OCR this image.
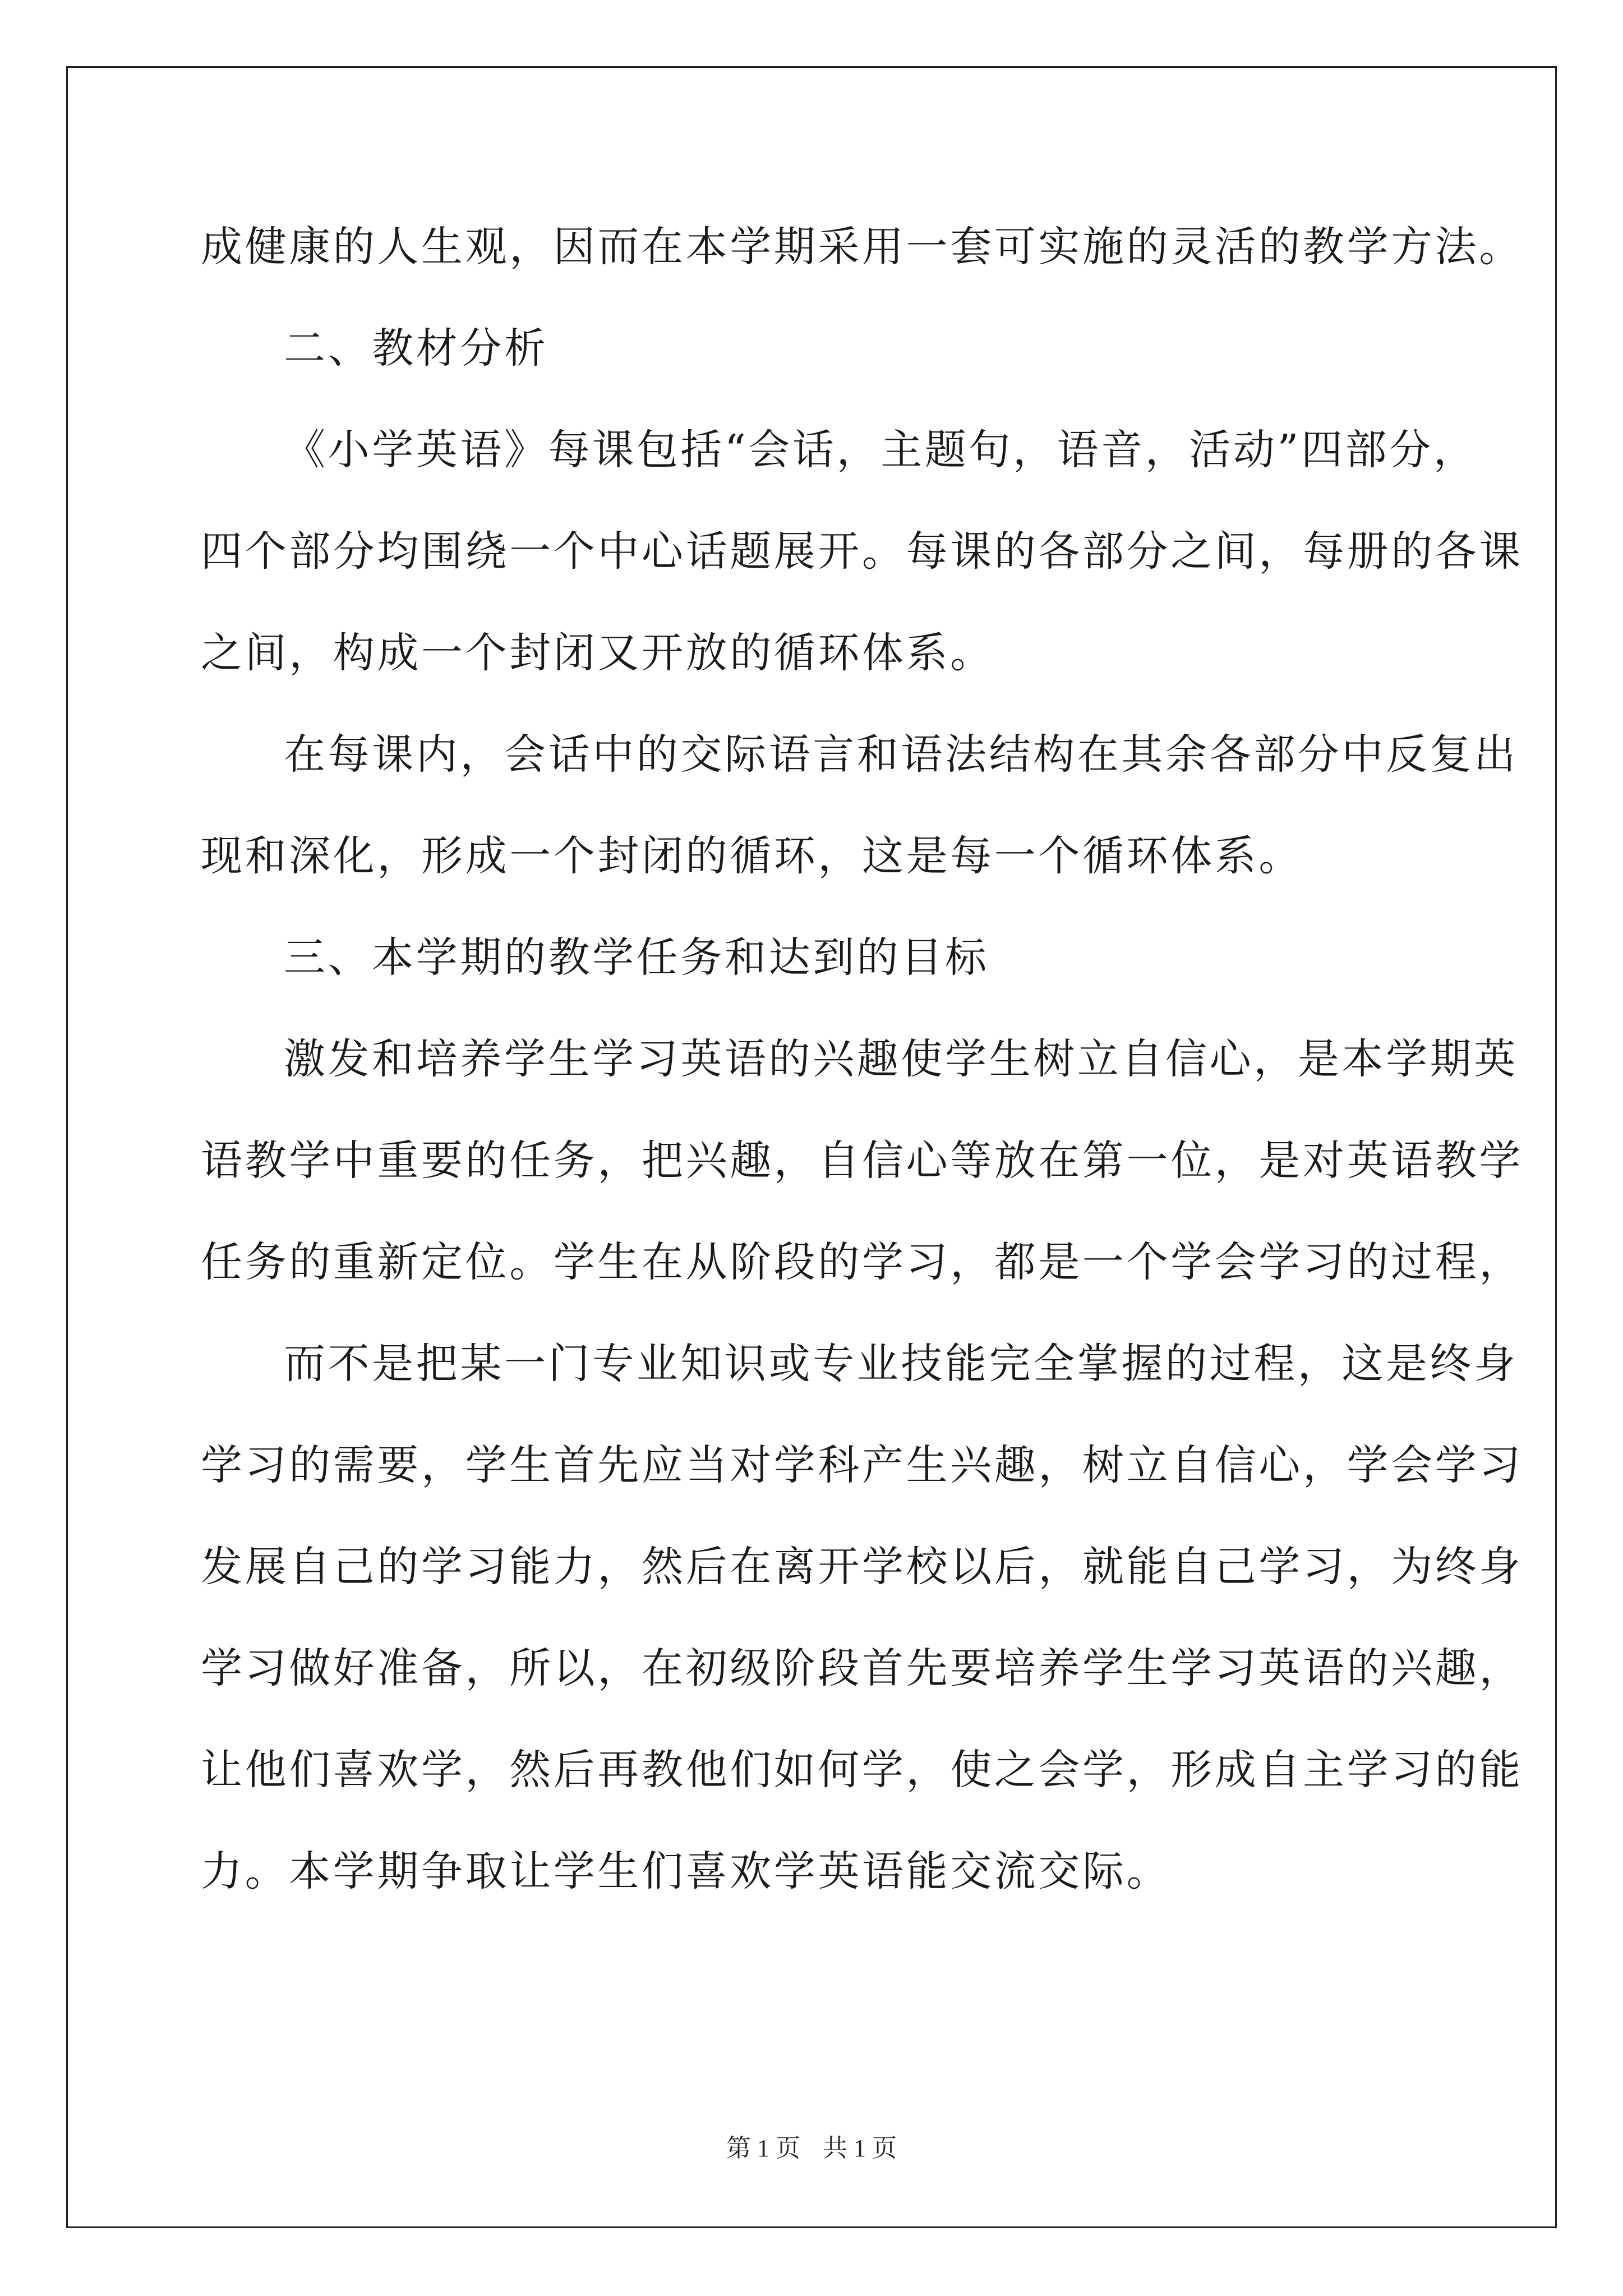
成健康的人生观，因而在本学期采用一套可实施的灵活的教学方法。
二、教材分析
《小学英语》每课包括“会话，主题句，语音，活动”四部分，
四个部分均围绕一个中心话题展开。每课的各部分之间，每册的各课
之间，构成一个封闭又开放的循环体系。
在每课内，会话中的交际语言和语法结构在其余各部分中反复出
现和深化，形成一个封闭的循环，这是每一个循环体系。
三、本学期的教学任务和达到的目标
激发和培养学生学习英语的兴趣使学生树立自信心，是本学期英
语教学中重要的任务，把兴趣，自信心等放在第一位，是对英语教学
任务的重新定位。学生在从阶段的学习，都是一个学会学习的过程，
而不是把某一门专业知识或专业技能完全掌握的过程，这是终身
学习的需要，学生首先应当对学科产生兴趣，树立自信心，学会学习
发展自己的学习能力，然后在离开学校以后，就能自己学习，为终身
学习做好准备，所以，在初级阶段首先要培养学生学习英语的兴趣，
让他们喜欢学，然后再教他们如何学，使之会学，形成自主学习的能
力。本学期争取让学生们喜欢学英语能交流交际。
第 1 页 共 1 页
